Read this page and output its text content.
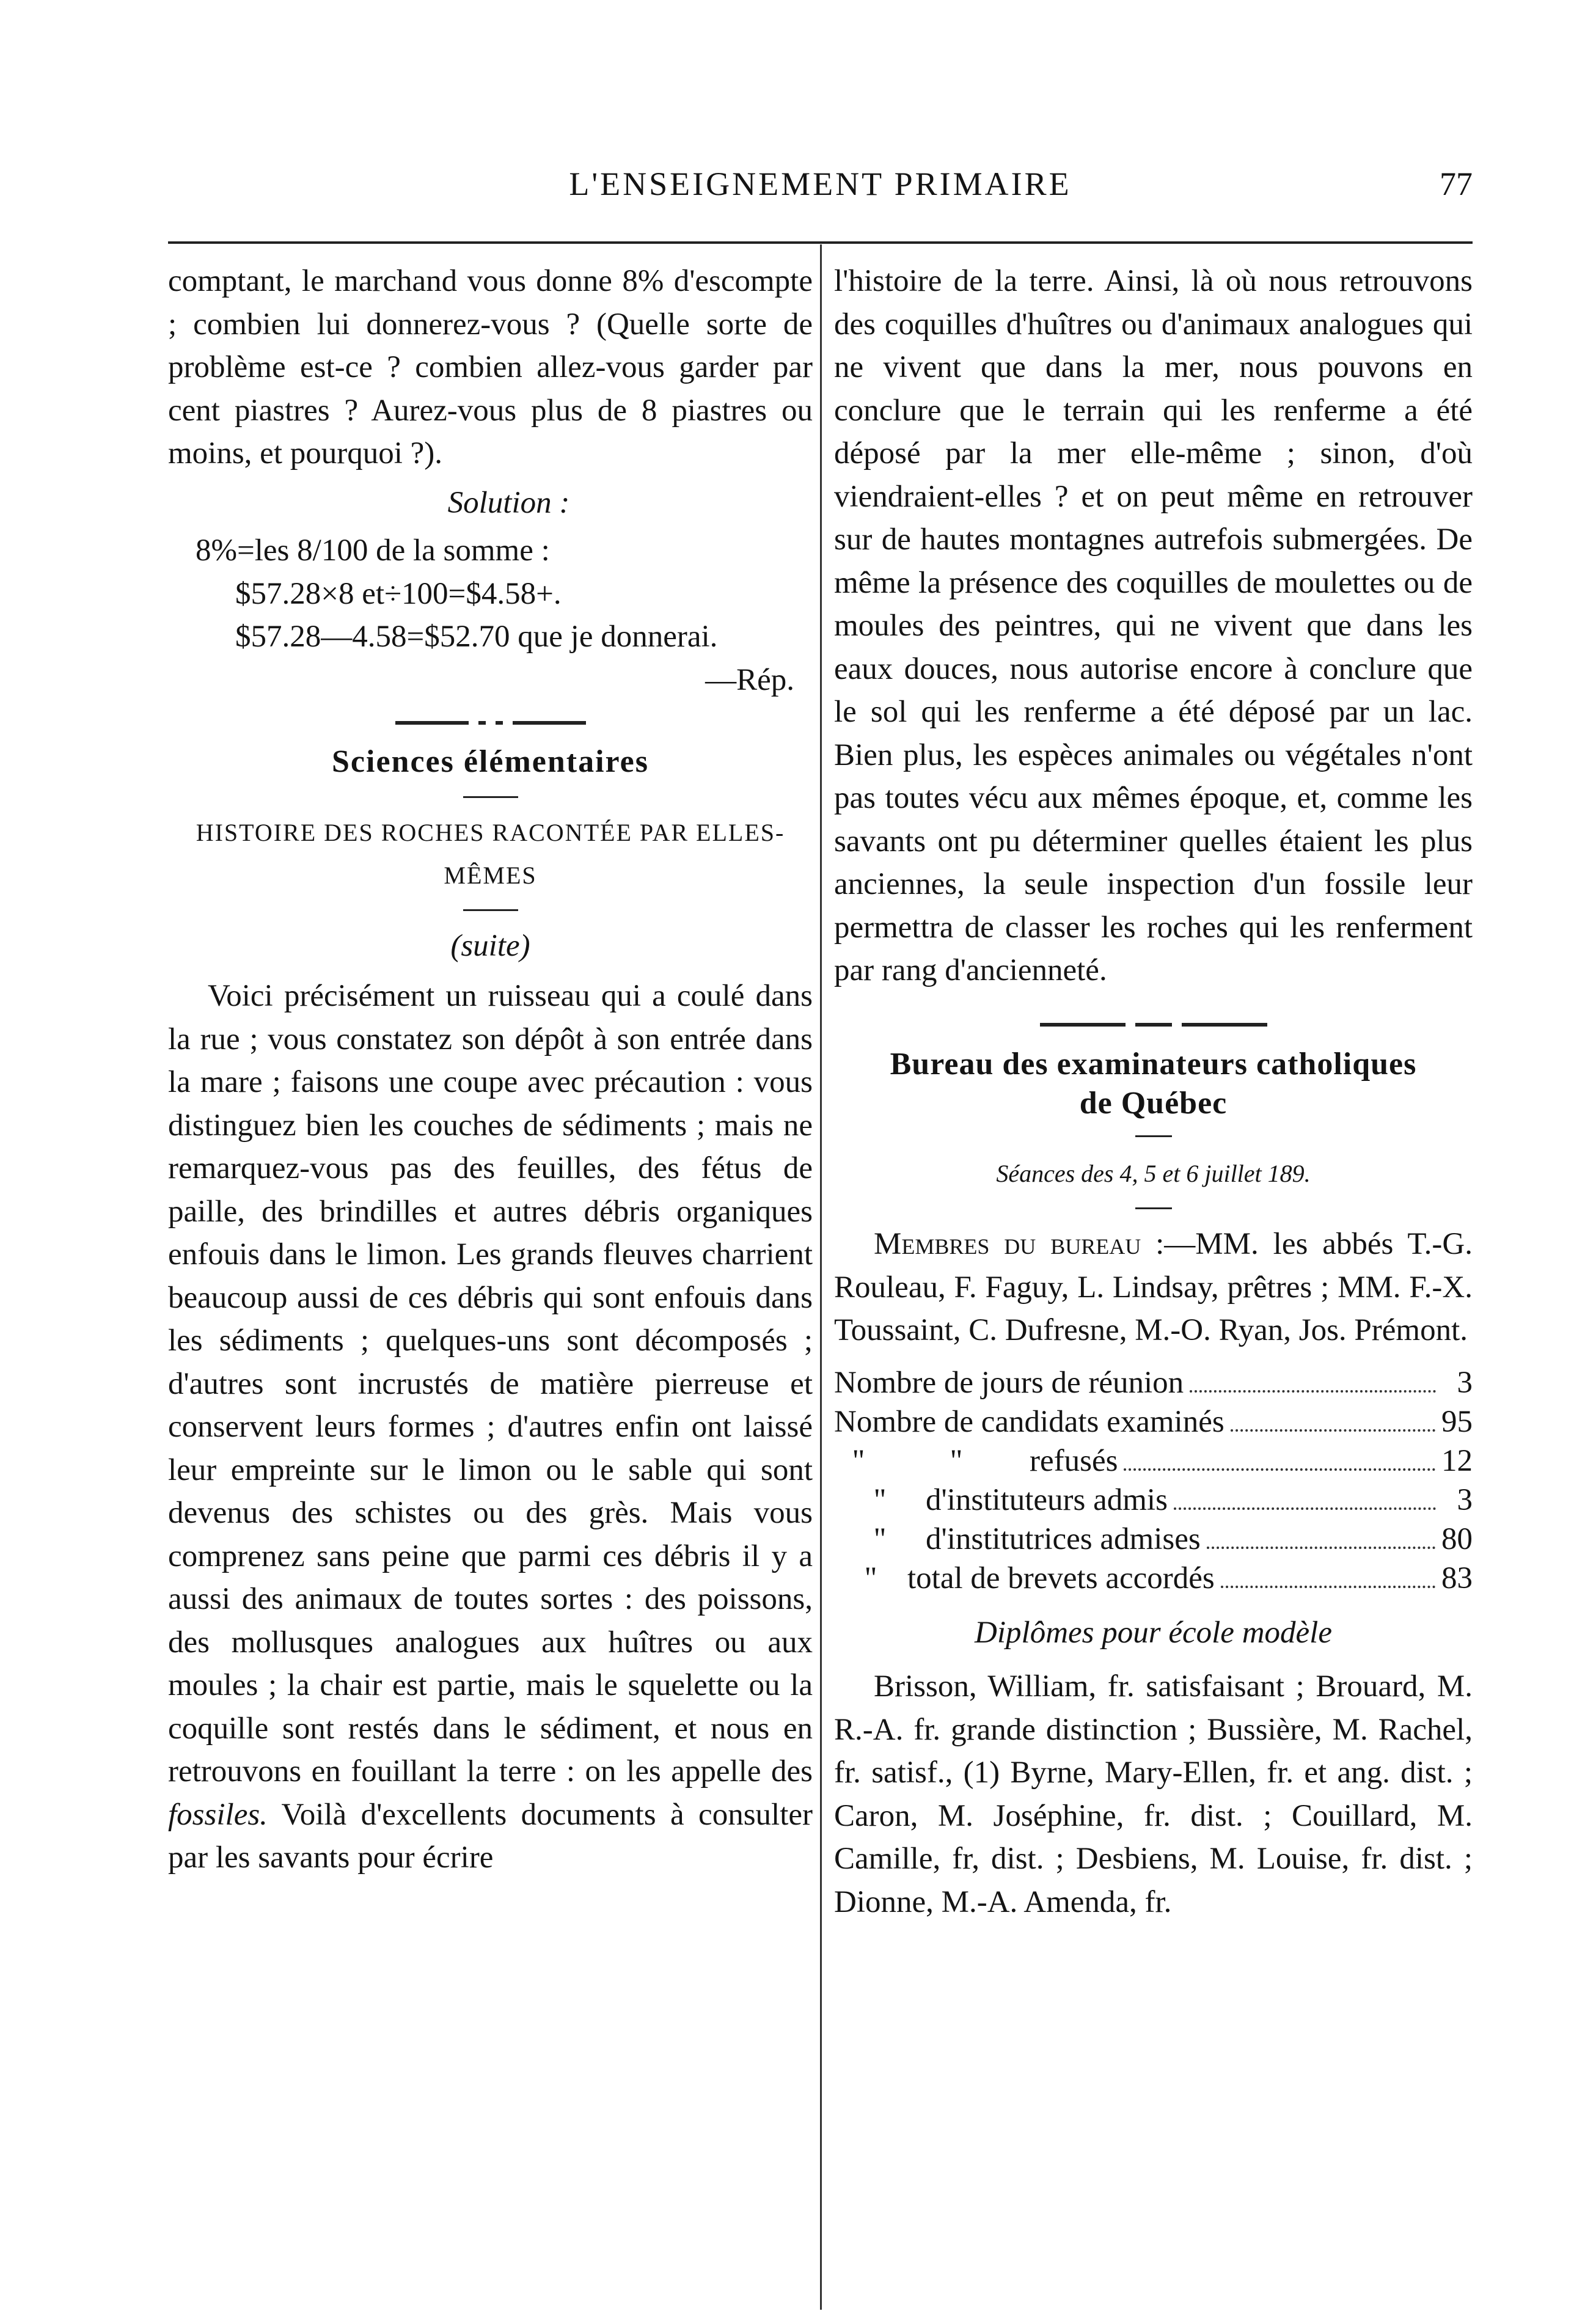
L'ENSEIGNEMENT PRIMAIRE	77

comptant, le marchand vous donne 8% d'escompte ; combien lui donnerez-vous ? (Quelle sorte de problème est-ce ? combien allez-vous garder par cent piastres ? Aurez-vous plus de 8 piastres ou moins, et pourquoi ?).

Solution :

8%=les 8/100 de la somme :

$57.28×8 et÷100=$4.58+.

$57.28—4.58=$52.70 que je donnerai.

—Rép.

Sciences élémentaires
HISTOIRE DES ROCHES RACONTÉE PAR ELLES-MÊMES
(suite)

Voici précisément un ruisseau qui a coulé dans la rue ; vous constatez son dépôt à son entrée dans la mare ; faisons une coupe avec précaution : vous distinguez bien les couches de sédiments ; mais ne remarquez-vous pas des feuilles, des fétus de paille, des brindilles et autres débris organiques enfouis dans le limon. Les grands fleuves charrient beaucoup aussi de ces débris qui sont enfouis dans les sédiments ; quelques-uns sont décomposés ; d'autres sont incrustés de matière pierreuse et conservent leurs formes ; d'autres enfin ont laissé leur empreinte sur le limon ou le sable qui sont devenus des schistes ou des grès. Mais vous comprenez sans peine que parmi ces débris il y a aussi des animaux de toutes sortes : des poissons, des mollusques analogues aux huîtres ou aux moules ; la chair est partie, mais le squelette ou la coquille sont restés dans le sédiment, et nous en retrouvons en fouillant la terre : on les appelle des fossiles. Voilà d'excellents documents à consulter par les savants pour écrire

l'histoire de la terre. Ainsi, là où nous retrouvons des coquilles d'huîtres ou d'animaux analogues qui ne vivent que dans la mer, nous pouvons en conclure que le terrain qui les renferme a été déposé par la mer elle-même ; sinon, d'où viendraient-elles ? et on peut même en retrouver sur de hautes montagnes autrefois submergées. De même la présence des coquilles de moulettes ou de moules des peintres, qui ne vivent que dans les eaux douces, nous autorise encore à conclure que le sol qui les renferme a été déposé par un lac. Bien plus, les espèces animales ou végétales n'ont pas toutes vécu aux mêmes époque, et, comme les savants ont pu déterminer quelles étaient les plus anciennes, la seule inspection d'un fossile leur permettra de classer les roches qui les renferment par rang d'ancienneté.

Bureau des examinateurs catholiques
de Québec
Séances des 4, 5 et 6 juillet 189.

Membres du bureau :—MM. les abbés T.-G. Rouleau, F. Faguy, L. Lindsay, prêtres ; MM. F.-X. Toussaint, C. Dufresne, M.-O. Ryan, Jos. Prémont.

Nombre de jours de réunion	3
Nombre de candidats examinés	95
"	" refusés	12
" d'instituteurs admis	3
" d'institutrices admises	80
" total de brevets accordés	83
Diplômes pour école modèle

Brisson, William, fr. satisfaisant ; Brouard, M. R.-A. fr. grande distinction ; Bussière, M. Rachel, fr. satisf., (1) Byrne, Mary-Ellen, fr. et ang. dist. ; Caron, M. Joséphine, fr. dist. ; Couillard, M. Camille, fr, dist. ; Desbiens, M. Louise, fr. dist. ; Dionne, M.-A. Amenda, fr.
